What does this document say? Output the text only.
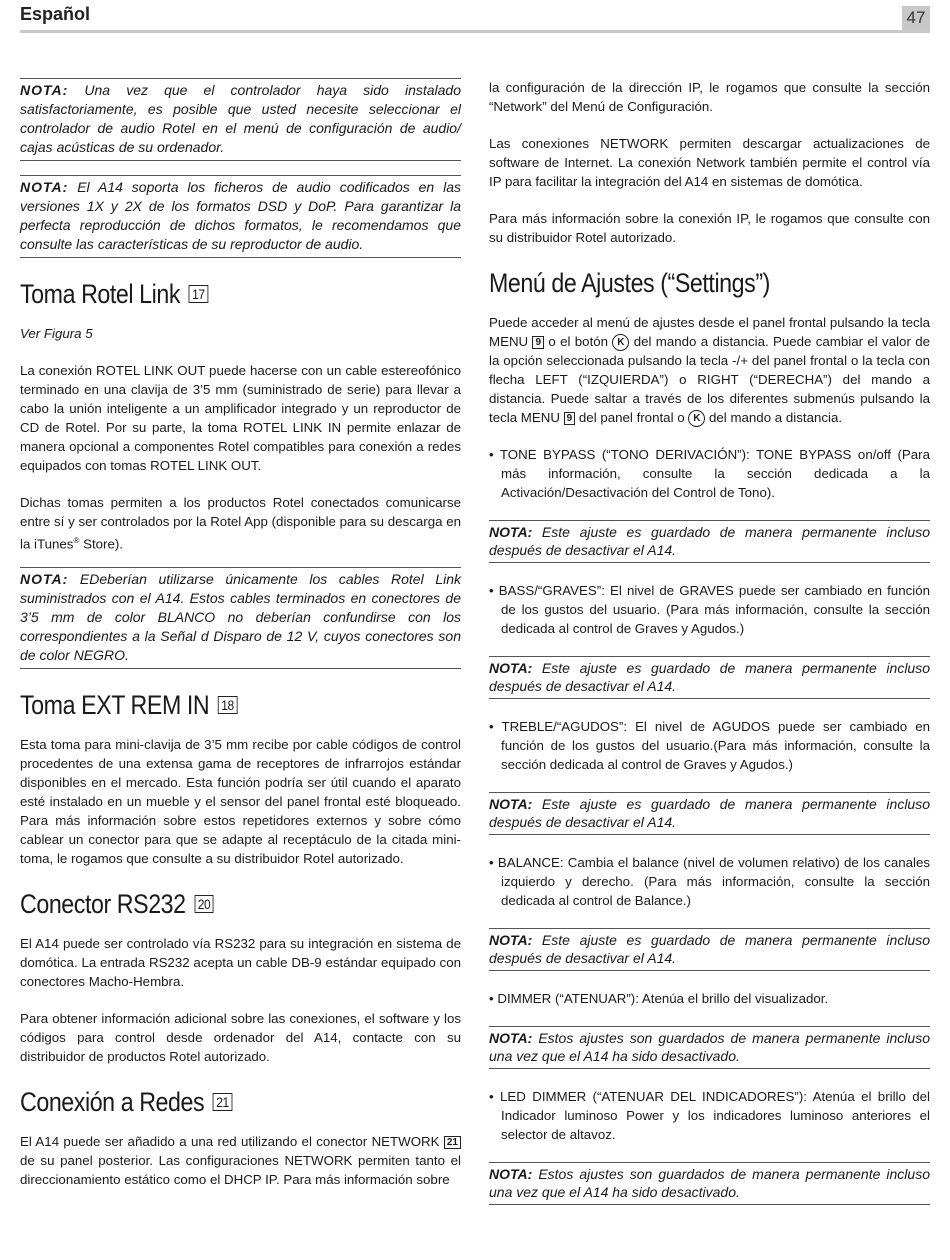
Español	47

NOTA: Una vez que el controlador haya sido instalado satisfactoriamente, es posible que usted necesite seleccionar el controlador de audio Rotel en el menú de configuración de audio/ cajas acústicas de su ordenador.

NOTA: El A14 soporta los ficheros de audio codificados en las versiones 1X y 2X de los formatos DSD y DoP. Para garantizar la perfecta reproducción de dichos formatos, le recomendamos que consulte las características de su reproductor de audio.

Toma Rotel Link 17

Ver Figura 5

La conexión ROTEL LINK OUT puede hacerse con un cable estereofónico terminado en una clavija de 3’5 mm (suministrado de serie) para llevar a cabo la unión inteligente a un amplificador integrado y un reproductor de CD de Rotel. Por su parte, la toma ROTEL LINK IN permite enlazar de manera opcional a componentes Rotel compatibles para conexión a redes equipados con tomas ROTEL LINK OUT.

Dichas tomas permiten a los productos Rotel conectados comunicarse entre sí y ser controlados por la Rotel App (disponible para su descarga en la iTunes® Store).

NOTA: EDeberían utilizarse únicamente los cables Rotel Link suministrados con el A14. Estos cables terminados en conectores de 3’5 mm de color BLANCO no deberían confundirse con los correspondientes a la Señal d Disparo de 12 V, cuyos conectores son de color NEGRO.

Toma EXT REM IN 18

Esta toma para mini-clavija de 3’5 mm recibe por cable códigos de control procedentes de una extensa gama de receptores de infrarrojos estándar disponibles en el mercado. Esta función podría ser útil cuando el aparato esté instalado en un mueble y el sensor del panel frontal esté bloqueado. Para más información sobre estos repetidores externos y sobre cómo cablear un conector para que se adapte al receptáculo de la citada mini-toma, le rogamos que consulte a su distribuidor Rotel autorizado.

Conector RS232 20

El A14 puede ser controlado vía RS232 para su integración en sistema de domótica. La entrada RS232 acepta un cable DB-9 estándar equipado con conectores Macho-Hembra.

Para obtener información adicional sobre las conexiones, el software y los códigos para control desde ordenador del A14, contacte con su distribuidor de productos Rotel autorizado.

Conexión a Redes 21

El A14 puede ser añadido a una red utilizando el conector NETWORK 21 de su panel posterior. Las configuraciones NETWORK permiten tanto el direccionamiento estático como el DHCP IP. Para más información sobre

la configuración de la dirección IP, le rogamos que consulte la sección “Network” del Menú de Configuración.

Las conexiones NETWORK permiten descargar actualizaciones de software de Internet. La conexión Network también permite el control vía IP para facilitar la integración del A14 en sistemas de domótica.

Para más información sobre la conexión IP, le rogamos que consulte con su distribuidor Rotel autorizado.

Menú de Ajustes (“Settings”)

Puede acceder al menú de ajustes desde el panel frontal pulsando la tecla MENU 9 o el botón K del mando a distancia. Puede cambiar el valor de la opción seleccionada pulsando la tecla -/+ del panel frontal o la tecla con flecha LEFT (“IZQUIERDA”) o RIGHT (“DERECHA”) del mando a distancia. Puede saltar a través de los diferentes submenús pulsando la tecla MENU 9 del panel frontal o K del mando a distancia.

• TONE BYPASS (“TONO DERIVACIÓN”): TONE BYPASS on/off (Para más información, consulte la sección dedicada a la Activación/Desactivación del Control de Tono).

NOTA: Este ajuste es guardado de manera permanente incluso después de desactivar el A14.

• BASS/“GRAVES”: El nivel de GRAVES puede ser cambiado en función de los gustos del usuario. (Para más información, consulte la sección dedicada al control de Graves y Agudos.)

NOTA: Este ajuste es guardado de manera permanente incluso después de desactivar el A14.

• TREBLE/“AGUDOS”: El nivel de AGUDOS puede ser cambiado en función de los gustos del usuario.(Para más información, consulte la sección dedicada al control de Graves y Agudos.)

NOTA: Este ajuste es guardado de manera permanente incluso después de desactivar el A14.

• BALANCE: Cambia el balance (nivel de volumen relativo) de los canales izquierdo y derecho. (Para más información, consulte la sección dedicada al control de Balance.)

NOTA: Este ajuste es guardado de manera permanente incluso después de desactivar el A14.

• DIMMER (“ATENUAR”): Atenúa el brillo del visualizador.

NOTA: Estos ajustes son guardados de manera permanente incluso una vez que el A14 ha sido desactivado.

• LED DIMMER (“ATENUAR DEL INDICADORES”): Atenúa el brillo del Indicador luminoso Power y los indicadores luminoso anteriores el selector de altavoz.

NOTA: Estos ajustes son guardados de manera permanente incluso una vez que el A14 ha sido desactivado.
